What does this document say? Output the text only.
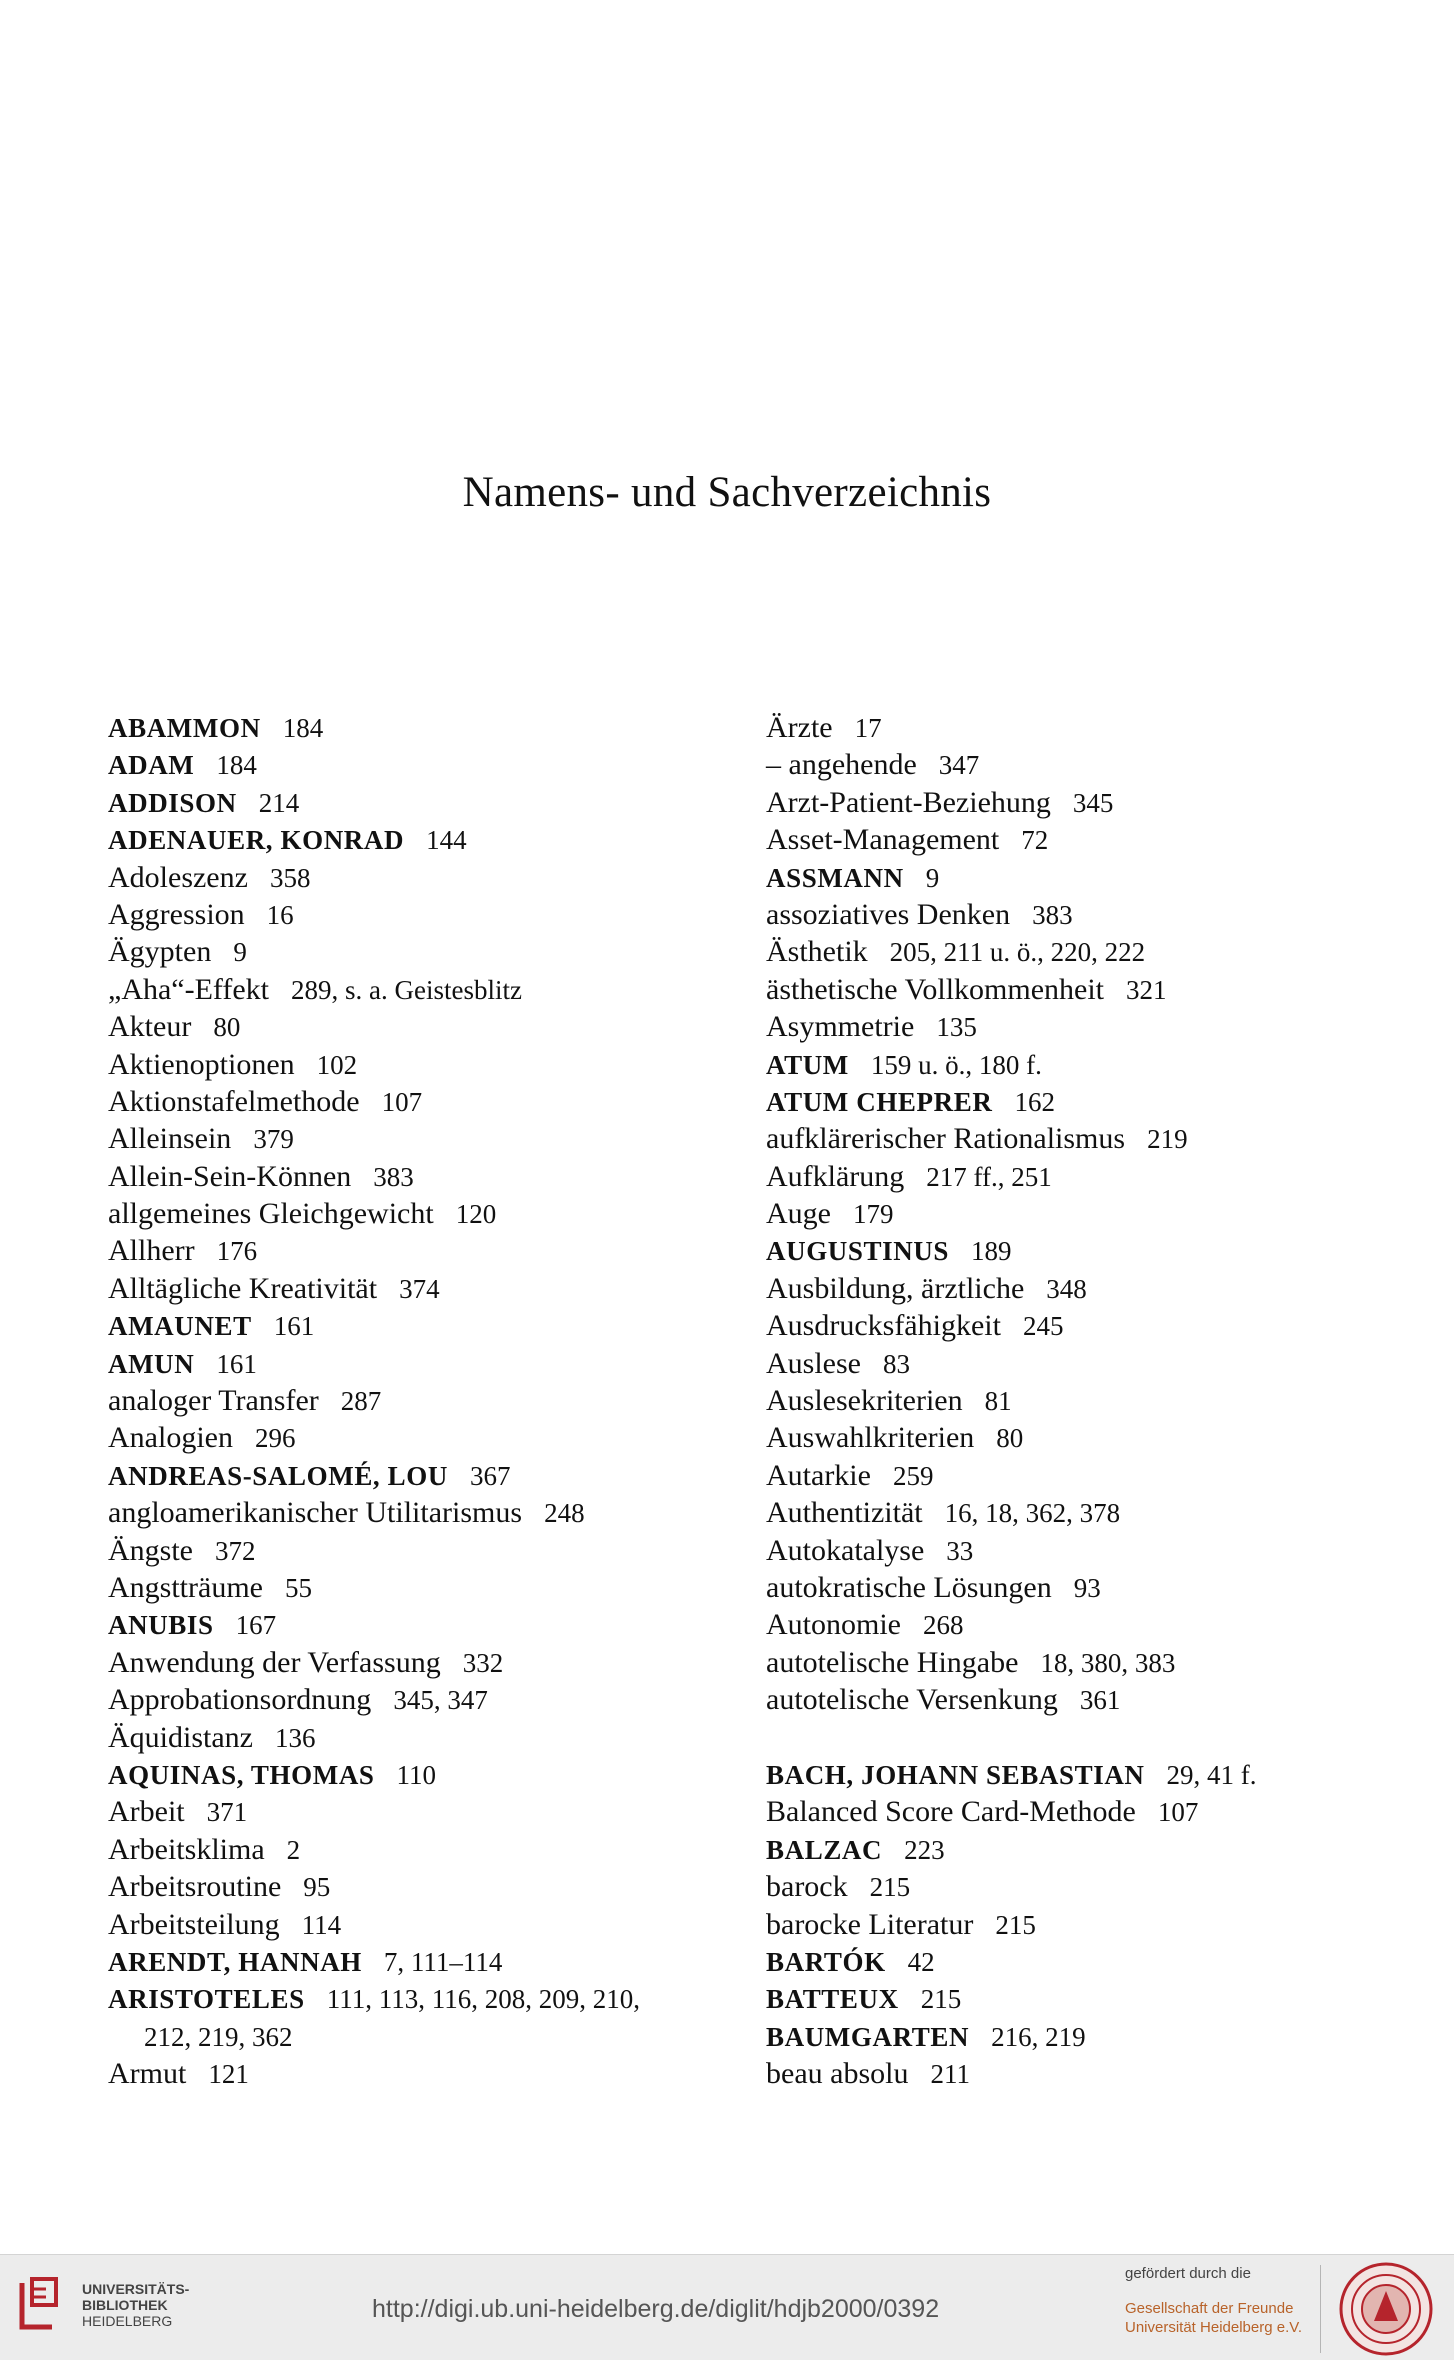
Namens- und Sachverzeichnis
ABAMMON 184
ADAM 184
ADDISON 214
ADENAUER, KONRAD 144
Adoleszenz 358
Aggression 16
Ägypten 9
„Aha“-Effekt 289, s. a. Geistesblitz
Akteur 80
Aktienoptionen 102
Aktionstafelmethode 107
Alleinsein 379
Allein-Sein-Können 383
allgemeines Gleichgewicht 120
Allherr 176
Alltägliche Kreativität 374
AMAUNET 161
AMUN 161
analoger Transfer 287
Analogien 296
ANDREAS-SALOMÉ, LOU 367
angloamerikanischer Utilitarismus 248
Ängste 372
Angstträume 55
ANUBIS 167
Anwendung der Verfassung 332
Approbationsordnung 345, 347
Äquidistanz 136
AQUINAS, THOMAS 110
Arbeit 371
Arbeitsklima 2
Arbeitsroutine 95
Arbeitsteilung 114
ARENDT, HANNAH 7, 111–114
ARISTOTELES 111, 113, 116, 208, 209, 210,
212, 219, 362
Armut 121
Ärzte 17
– angehende 347
Arzt-Patient-Beziehung 345
Asset-Management 72
ASSMANN 9
assoziatives Denken 383
Ästhetik 205, 211 u. ö., 220, 222
ästhetische Vollkommenheit 321
Asymmetrie 135
ATUM 159 u. ö., 180 f.
ATUM CHEPRER 162
aufklärerischer Rationalismus 219
Aufklärung 217 ff., 251
Auge 179
AUGUSTINUS 189
Ausbildung, ärztliche 348
Ausdrucksfähigkeit 245
Auslese 83
Auslesekriterien 81
Auswahlkriterien 80
Autarkie 259
Authentizität 16, 18, 362, 378
Autokatalyse 33
autokratische Lösungen 93
Autonomie 268
autotelische Hingabe 18, 380, 383
autotelische Versenkung 361
BACH, JOHANN SEBASTIAN 29, 41 f.
Balanced Score Card-Methode 107
BALZAC 223
barock 215
barocke Literatur 215
BARTÓK 42
BATTEUX 215
BAUMGARTEN 216, 219
beau absolu 211
UNIVERSITÄTS-
BIBLIOTHEK
HEIDELBERG	http://digi.ub.uni-heidelberg.de/diglit/hdjb2000/0392
gefördert durch die
Gesellschaft der Freunde
Universität Heidelberg e.V.
